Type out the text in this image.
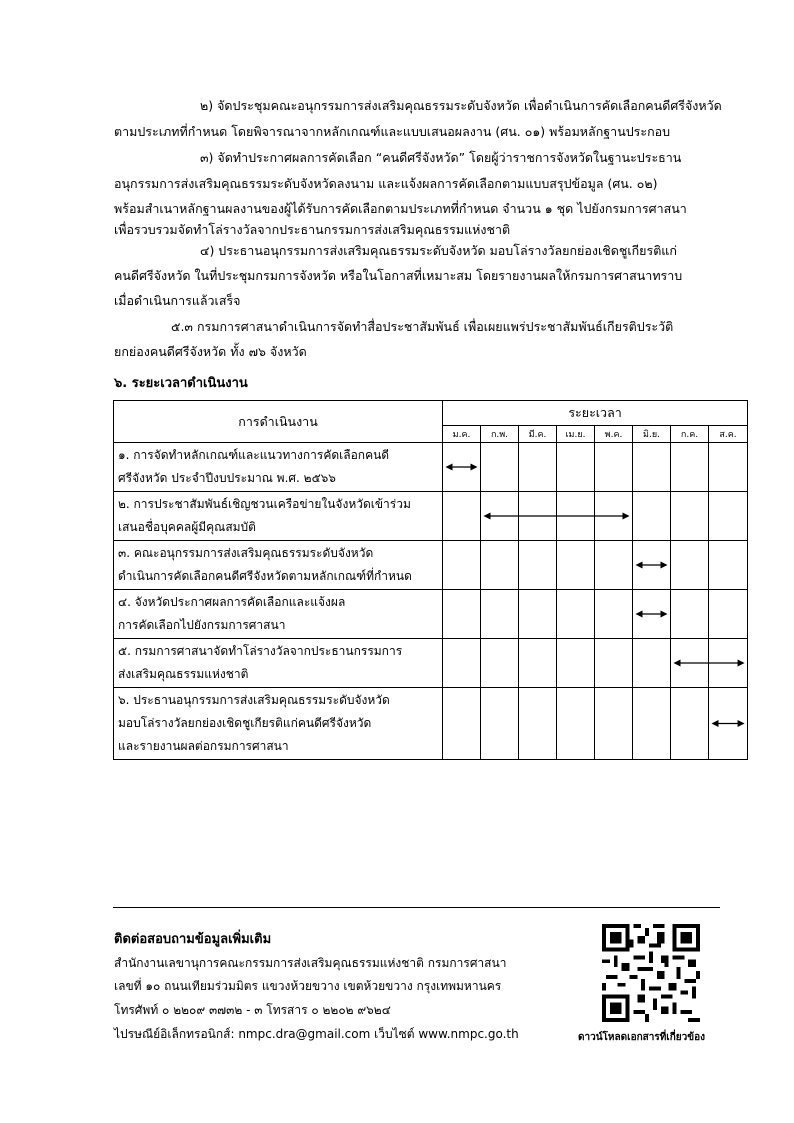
๒) จัดประชุมคณะอนุกรรมการส่งเสริมคุณธรรมระดับจังหวัด เพื่อดำเนินการคัดเลือกคนดีศรีจังหวัด
ตามประเภทที่กำหนด โดยพิจารณาจากหลักเกณฑ์และแบบเสนอผลงาน (ศน. ๐๑) พร้อมหลักฐานประกอบ
๓) จัดทำประกาศผลการคัดเลือก “คนดีศรีจังหวัด” โดยผู้ว่าราชการจังหวัดในฐานะประธาน
อนุกรรมการส่งเสริมคุณธรรมระดับจังหวัดลงนาม และแจ้งผลการคัดเลือกตามแบบสรุปข้อมูล (ศน. ๐๒)
พร้อมสำเนาหลักฐานผลงานของผู้ได้รับการคัดเลือกตามประเภทที่กำหนด จำนวน ๑ ชุด ไปยังกรมการศาสนา
เพื่อรวบรวมจัดทำโล่รางวัลจากประธานกรรมการส่งเสริมคุณธรรมแห่งชาติ
๔) ประธานอนุกรรมการส่งเสริมคุณธรรมระดับจังหวัด มอบโล่รางวัลยกย่องเชิดชูเกียรติแก่
คนดีศรีจังหวัด ในที่ประชุมกรมการจังหวัด หรือในโอกาสที่เหมาะสม โดยรายงานผลให้กรมการศาสนาทราบ
เมื่อดำเนินการแล้วเสร็จ
๕.๓ กรมการศาสนาดำเนินการจัดทำสื่อประชาสัมพันธ์ เพื่อเผยแพร่ประชาสัมพันธ์เกียรติประวัติ
ยกย่องคนดีศรีจังหวัด ทั้ง ๗๖ จังหวัด
๖. ระยะเวลาดำเนินงาน
การดำเนินงาน	ระยะเวลา							
	ม.ค.	ก.พ.	มี.ค.	เม.ย.	พ.ค.	มิ.ย.	ก.ค.	ส.ค.

๑. การจัดทำหลักเกณฑ์และแนวทางการคัดเลือกคนดี
ศรีจังหวัด ประจำปีงบประมาณ พ.ศ. ๒๕๖๖								

๒. การประชาสัมพันธ์เชิญชวนเครือข่ายในจังหวัดเข้าร่วม
เสนอชื่อบุคคลผู้มีคุณสมบัติ								

๓. คณะอนุกรรมการส่งเสริมคุณธรรมระดับจังหวัด
ดำเนินการคัดเลือกคนดีศรีจังหวัดตามหลักเกณฑ์ที่กำหนด								

๔. จังหวัดประกาศผลการคัดเลือกและแจ้งผล
การคัดเลือกไปยังกรมการศาสนา								

๕. กรมการศาสนาจัดทำโล่รางวัลจากประธานกรรมการ
ส่งเสริมคุณธรรมแห่งชาติ								

๖. ประธานอนุกรรมการส่งเสริมคุณธรรมระดับจังหวัด
มอบโล่รางวัลยกย่องเชิดชูเกียรติแก่คนดีศรีจังหวัด
และรายงานผลต่อกรมการศาสนา								

ติดต่อสอบถามข้อมูลเพิ่มเติม
สำนักงานเลขานุการคณะกรรมการส่งเสริมคุณธรรมแห่งชาติ กรมการศาสนา
เลขที่ ๑๐ ถนนเทียมร่วมมิตร แขวงห้วยขวาง เขตห้วยขวาง กรุงเทพมหานคร
โทรศัพท์ ๐ ๒๒๐๙ ๓๗๓๒ - ๓ โทรสาร ๐ ๒๒๐๒ ๙๖๒๔
ไปรษณีย์อิเล็กทรอนิกส์: nmpc.dra@gmail.com เว็บไซต์ www.nmpc.go.th	ดาวน์โหลดเอกสารที่เกี่ยวข้อง
